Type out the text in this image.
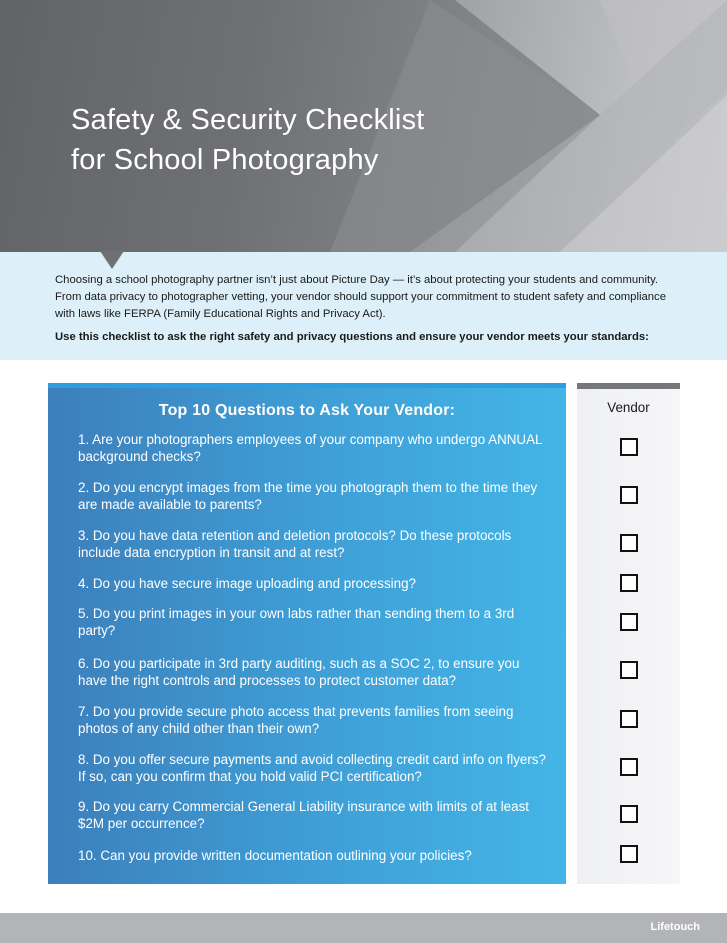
Safety & Security Checklist
for School Photography

Choosing a school photography partner isn’t just about Picture Day — it’s about protecting your students and community. From data privacy to photographer vetting, your vendor should support your commitment to student safety and compliance with laws like FERPA (Family Educational Rights and Privacy Act).

Use this checklist to ask the right safety and privacy questions and ensure your vendor meets your standards:

Top 10 Questions to Ask Your Vendor:

1. Are your photographers employees of your company who undergo ANNUAL background checks?

2. Do you encrypt images from the time you photograph them to the time they are made available to parents?

3. Do you have data retention and deletion protocols? Do these protocols include data encryption in transit and at rest?

4. Do you have secure image uploading and processing?

5. Do you print images in your own labs rather than sending them to a 3rd party?

6. Do you participate in 3rd party auditing, such as a SOC 2, to ensure you have the right controls and processes to protect customer data?

7. Do you provide secure photo access that prevents families from seeing photos of any child other than their own?

8. Do you offer secure payments and avoid collecting credit card info on flyers? If so, can you confirm that you hold valid PCI certification?

9. Do you carry Commercial General Liability insurance with limits of at least $2M per occurrence?

10. Can you provide written documentation outlining your policies?

Vendor

Lifetouch
